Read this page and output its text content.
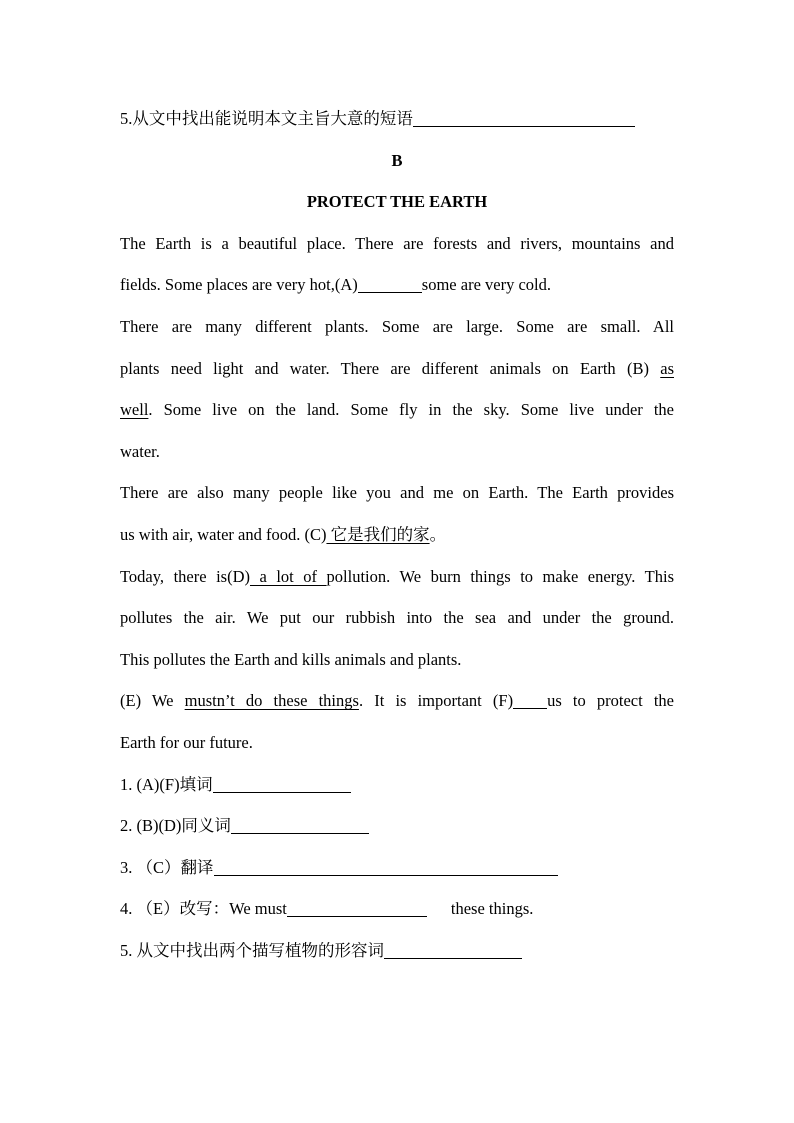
5.从文中找出能说明本文主旨大意的短语
B
PROTECT THE EARTH
The Earth is a beautiful place. There are forests and rivers, mountains and
fields. Some places are very hot,(A)	some are very cold.
There are many different plants. Some are large. Some are small. All
plants need light and water. There are different animals on Earth (B) as
well. Some live on the land. Some fly in the sky. Some live under the
water.
There are also many people like you and me on Earth. The Earth provides
us with air, water and food. (C) 它是我们的家。
Today, there is(D) a lot of pollution. We burn things to make energy. This
pollutes the air. We put our rubbish into the sea and under the ground.
This pollutes the Earth and kills animals and plants.
(E) We mustn’t do these things. It is important (F) us to protect the
Earth for our future.
1. (A)(F)填词
2. (B)(D)同义词
3. （C）翻译
4. （E）改写：We must	these things.
5. 从文中找出两个描写植物的形容词
